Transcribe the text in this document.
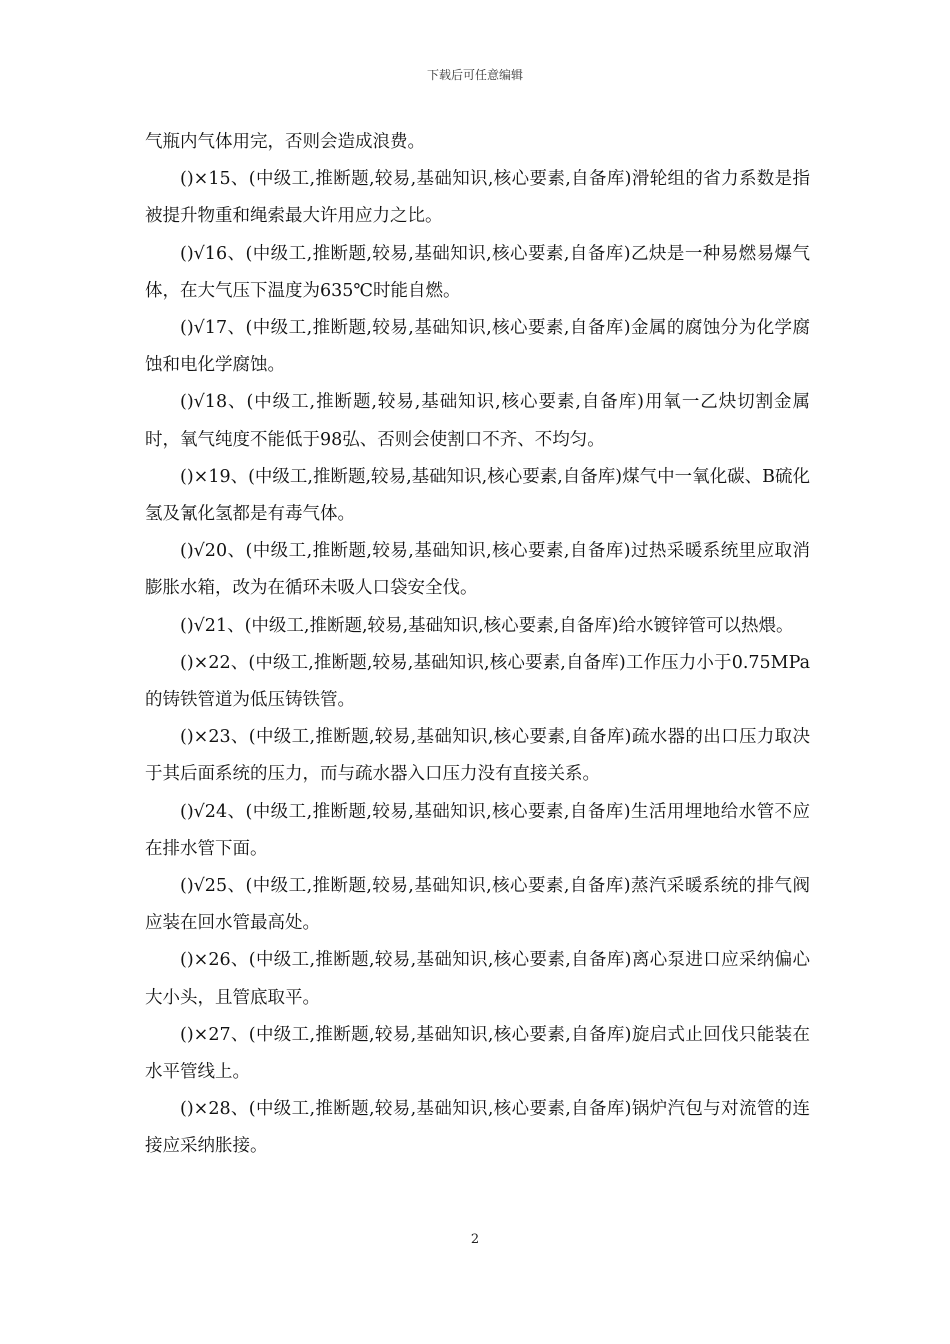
下载后可任意编辑

气瓶内气体用完，否则会造成浪费。

()×15、(中级工,推断题,较易,基础知识,核心要素,自备库)滑轮组的省力系数是指被提升物重和绳索最大许用应力之比。

()√16、(中级工,推断题,较易,基础知识,核心要素,自备库)乙炔是一种易燃易爆气体，在大气压下温度为635℃时能自燃。

()√17、(中级工,推断题,较易,基础知识,核心要素,自备库)金属的腐蚀分为化学腐蚀和电化学腐蚀。

()√18、(中级工,推断题,较易,基础知识,核心要素,自备库)用氧一乙炔切割金属时，氧气纯度不能低于98弘、否则会使割口不齐、不均匀。

()×19、(中级工,推断题,较易,基础知识,核心要素,自备库)煤气中一氧化碳、B硫化氢及氰化氢都是有毒气体。

()√20、(中级工,推断题,较易,基础知识,核心要素,自备库)过热采暖系统里应取消膨胀水箱，改为在循环未吸人口袋安全伐。

()√21、(中级工,推断题,较易,基础知识,核心要素,自备库)给水镀锌管可以热煨。

()×22、(中级工,推断题,较易,基础知识,核心要素,自备库)工作压力小于0.75MPa的铸铁管道为低压铸铁管。

()×23、(中级工,推断题,较易,基础知识,核心要素,自备库)疏水器的出口压力取决于其后面系统的压力，而与疏水器入口压力没有直接关系。

()√24、(中级工,推断题,较易,基础知识,核心要素,自备库)生活用埋地给水管不应在排水管下面。

()√25、(中级工,推断题,较易,基础知识,核心要素,自备库)蒸汽采暖系统的排气阀应装在回水管最高处。

()×26、(中级工,推断题,较易,基础知识,核心要素,自备库)离心泵进口应采纳偏心大小头，且管底取平。

()×27、(中级工,推断题,较易,基础知识,核心要素,自备库)旋启式止回伐只能装在水平管线上。

()×28、(中级工,推断题,较易,基础知识,核心要素,自备库)锅炉汽包与对流管的连接应采纳胀接。

2
